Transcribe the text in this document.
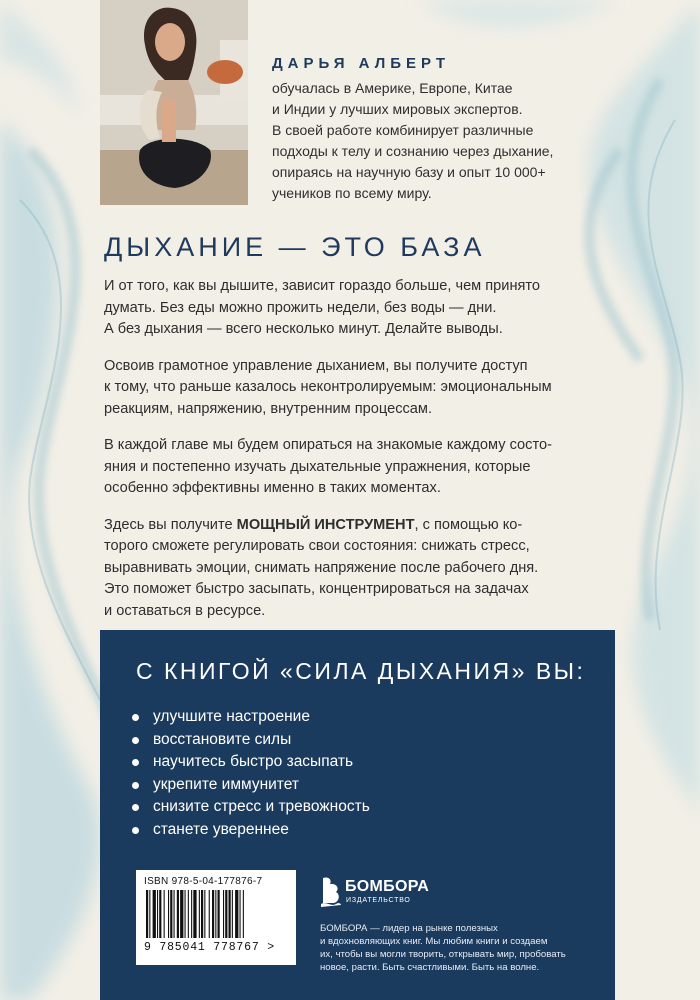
ДАРЬЯ АЛБЕРТ
обучалась в Америке, Европе, Китае
и Индии у лучших мировых экспертов.
В своей работе комбинирует различные
подходы к телу и сознанию через дыхание,
опираясь на научную базу и опыт 10 000+
учеников по всему миру.
ДЫХАНИЕ — ЭТО БАЗА

И от того, как вы дышите, зависит гораздо больше, чем принято
думать. Без еды можно прожить недели, без воды — дни.
А без дыхания — всего несколько минут. Делайте выводы.

Освоив грамотное управление дыханием, вы получите доступ
к тому, что раньше казалось неконтролируемым: эмоциональным
реакциям, напряжению, внутренним процессам.

В каждой главе мы будем опираться на знакомые каждому состо-
яния и постепенно изучать дыхательные упражнения, которые
особенно эффективны именно в таких моментах.

Здесь вы получите МОЩНЫЙ ИНСТРУМЕНТ, с помощью ко-
торого сможете регулировать свои состояния: снижать стресс,
выравнивать эмоции, снимать напряжение после рабочего дня.
Это поможет быстро засыпать, концентрироваться на задачах
и оставаться в ресурсе.

С КНИГОЙ «СИЛА ДЫХАНИЯ» ВЫ:
улучшите настроение
восстановите силы
научитесь быстро засыпать
укрепите иммунитет
снизите стресс и тревожность
станете увереннее
ISBN 978-5-04-177876-7
9 785041 778767 >
БОМБОРА
ИЗДАТЕЛЬСТВО
БОМБОРА — лидер на рынке полезных
и вдохновляющих книг. Мы любим книги и создаем
их, чтобы вы могли творить, открывать мир, пробовать
новое, расти. Быть счастливыми. Быть на волне.
